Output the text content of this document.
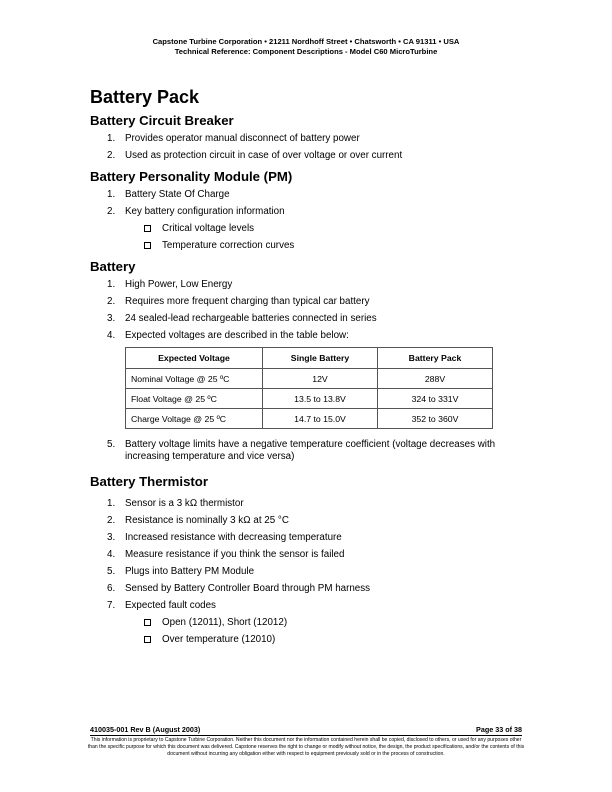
Capstone Turbine Corporation • 21211 Nordhoff Street • Chatsworth • CA 91311 • USA
Technical Reference: Component Descriptions - Model C60 MicroTurbine
Battery Pack
Battery Circuit Breaker
1. Provides operator manual disconnect of battery power
2. Used as protection circuit in case of over voltage or over current
Battery Personality Module (PM)
1. Battery State Of Charge
2. Key battery configuration information
Critical voltage levels
Temperature correction curves
Battery
1. High Power, Low Energy
2. Requires more frequent charging than typical car battery
3. 24 sealed-lead rechargeable batteries connected in series
4. Expected voltages are described in the table below:
Expected Voltage	Single Battery	Battery Pack
Nominal Voltage @ 25 ºC	12V	288V
Float Voltage @ 25 ºC	13.5 to 13.8V	324 to 331V
Charge Voltage @ 25 ºC	14.7 to 15.0V	352 to 360V
5. Battery voltage limits have a negative temperature coefficient (voltage decreases with increasing temperature and vice versa)
Battery Thermistor
1. Sensor is a 3 kΩ thermistor
2. Resistance is nominally 3 kΩ at 25 °C
3. Increased resistance with decreasing temperature
4. Measure resistance if you think the sensor is failed
5. Plugs into Battery PM Module
6. Sensed by Battery Controller Board through PM harness
7. Expected fault codes
Open (12011), Short (12012)
Over temperature (12010)
410035-001 Rev B (August 2003)	Page 33 of 38
This information is proprietary to Capstone Turbine Corporation. Neither this document nor the information contained herein shall be copied, disclosed to others, or used for any purposes other than the specific purpose for which this document was delivered. Capstone reserves the right to change or modify without notice, the design, the product specifications, and/or the contents of this document without incurring any obligation either with respect to equipment previously sold or in the process of construction.
